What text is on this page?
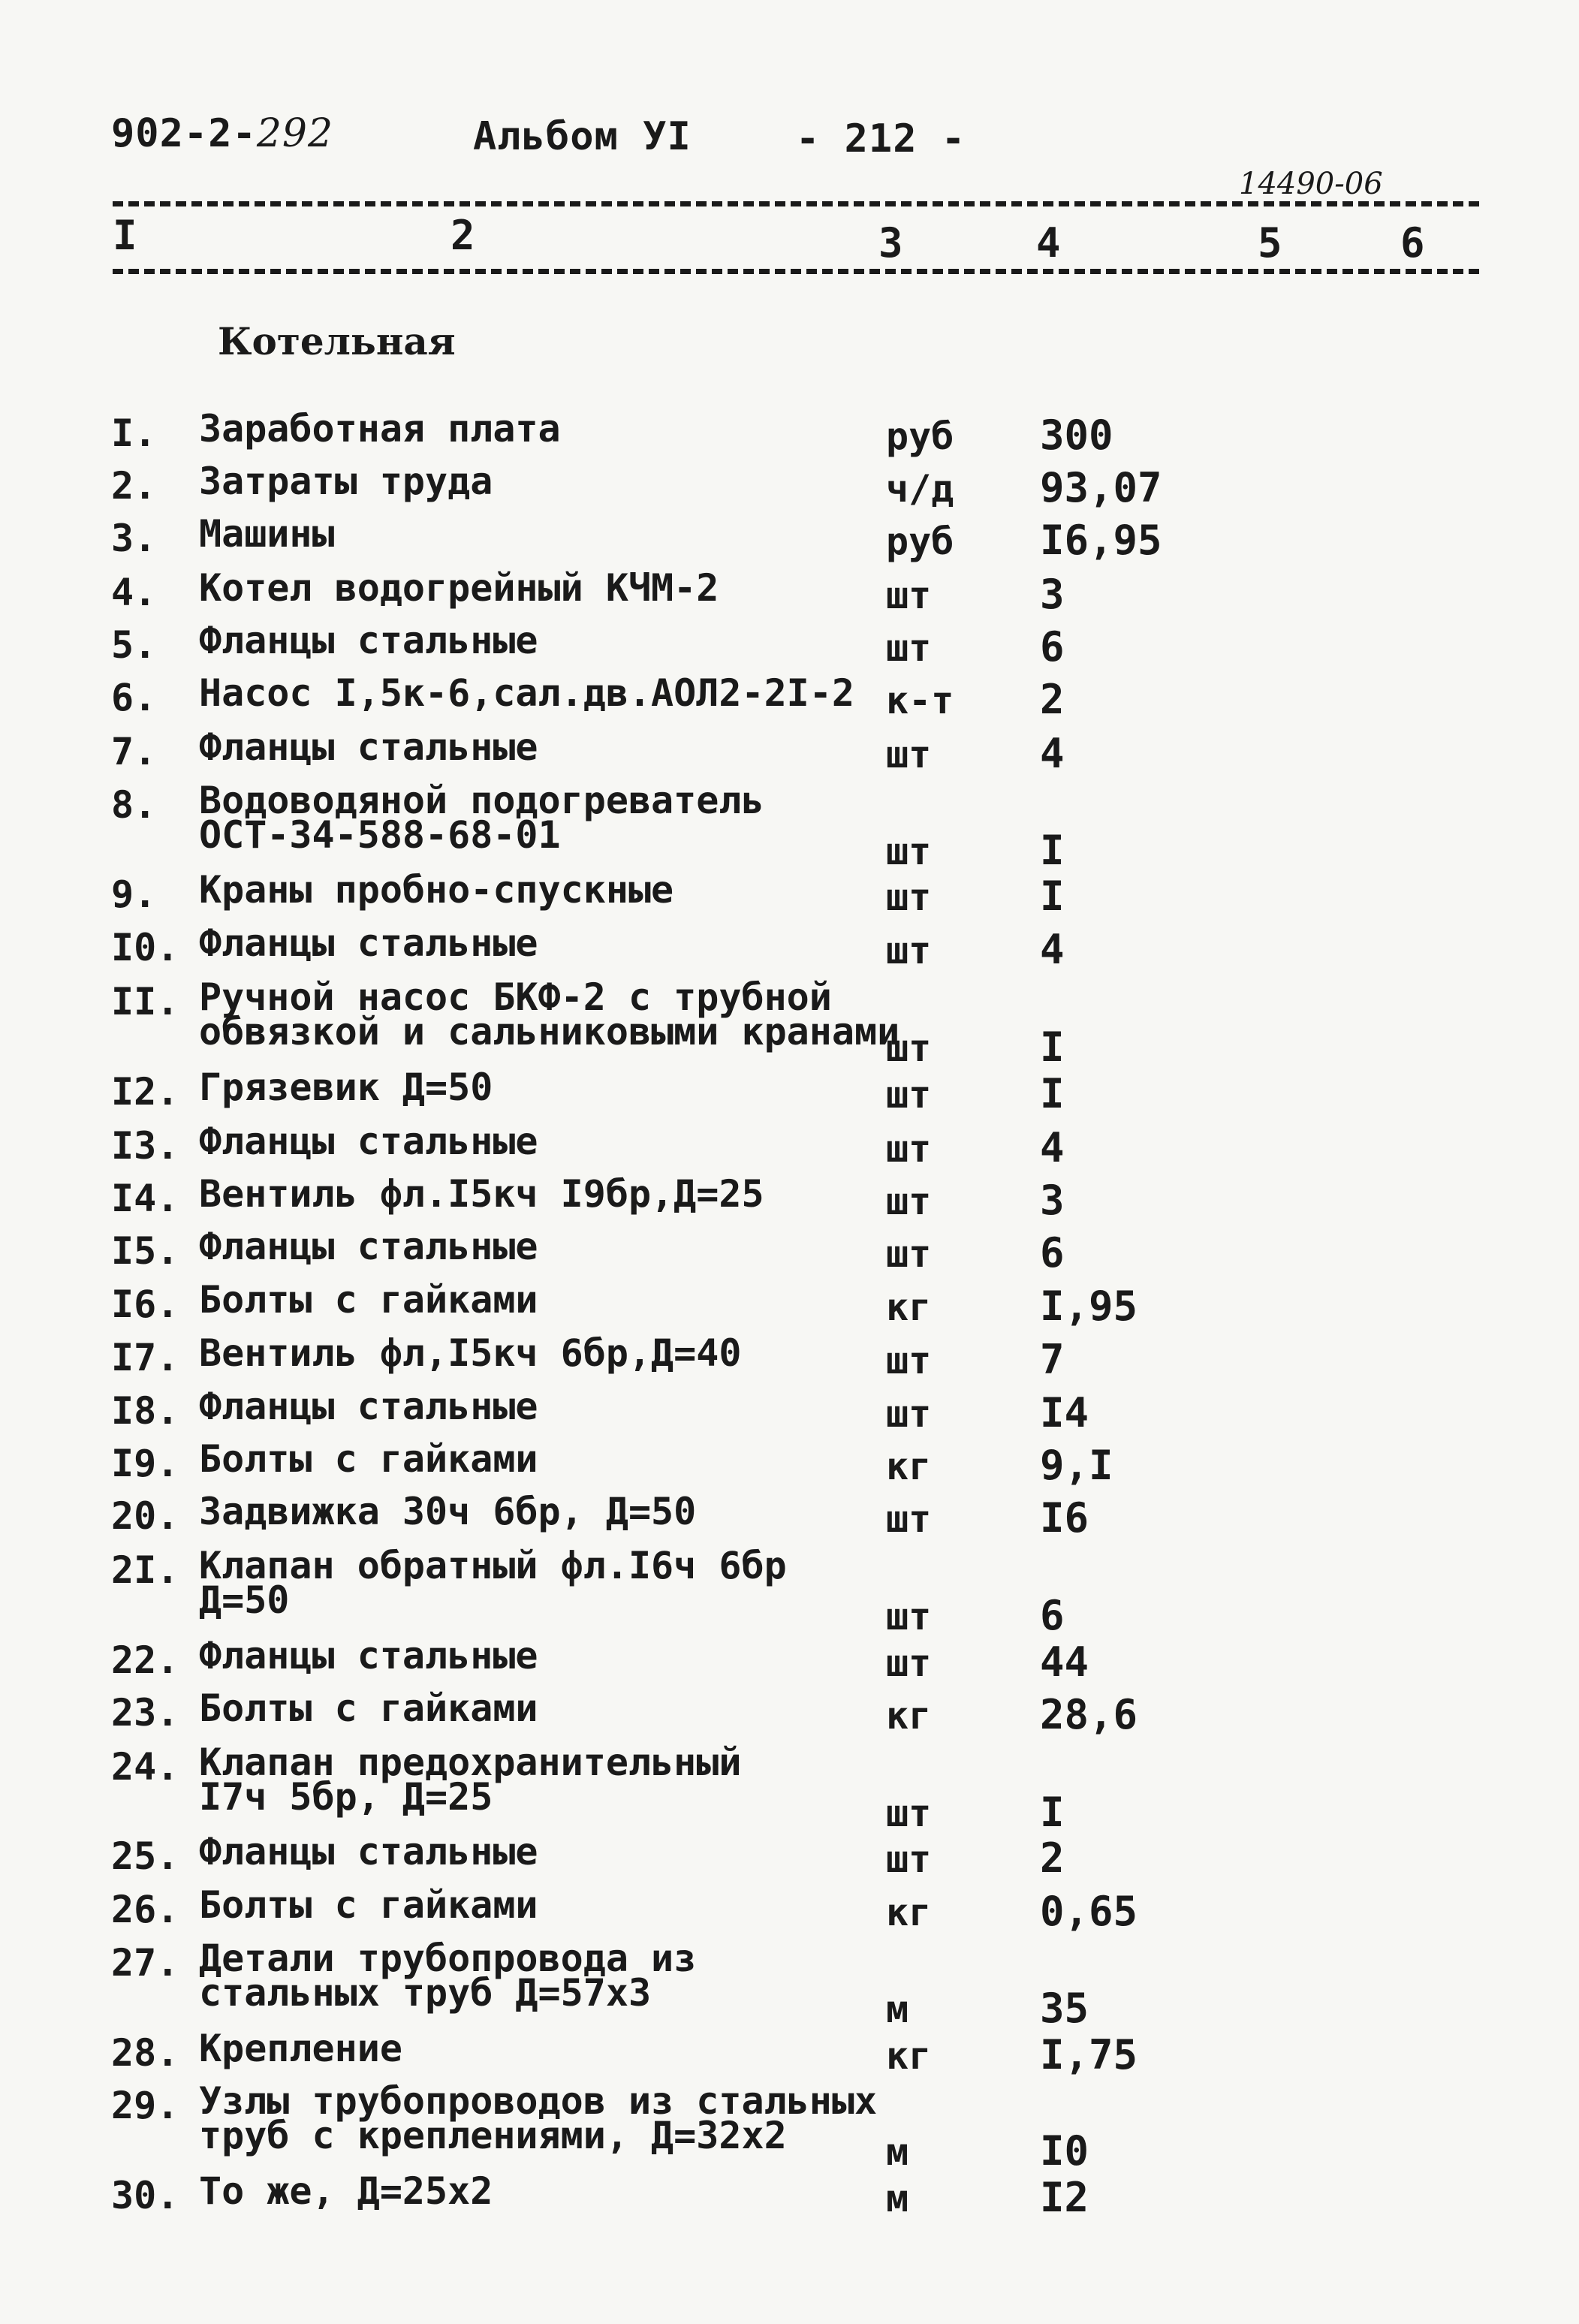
902-2-292	Альбом УI	- 212 -
14490-06
I	2	3	4	5	6
Котельная
I. Заработная плата	руб 300
2. Затраты труда	ч/д 93,07
3. Машины	руб I6,95
4. Котел водогрейный КЧМ-2	шт	3
5. Фланцы стальные	шт	6
6. Насос I,5к-6,сал.дв.АОЛ2-2I-2 к-т 2
7. Фланцы стальные	шт	4
8. Водоводяной подогреватель
ОСТ-34-588-68-01	шт	I
9. Краны пробно-спускные	шт	I
I0. Фланцы стальные	шт	4
II. Ручной насос БКФ-2 с трубной
обвязкой и сальниковыми кранами
шт	I
I2. Грязевик Д=50	шт	I
I3. Фланцы стальные	шт	4
I4. Вентиль фл.I5кч I9бр,Д=25	шт	3
I5. Фланцы стальные	шт	6
I6. Болты с гайками	кг	I,95
I7. Вентиль фл,I5кч 6бр,Д=40	шт	7
I8. Фланцы стальные	шт	I4
I9. Болты с гайками	кг	9,I
20. Задвижка 30ч 6бр, Д=50	шт	I6
2I. Клапан обратный фл.I6ч 6бр
Д=50	шт	6
22. Фланцы стальные	шт	44
23. Болты с гайками	кг	28,6
24. Клапан предохранительный
I7ч 5бр, Д=25	шт	I
25. Фланцы стальные	шт	2
26. Болты с гайками	кг	0,65
27. Детали трубопровода из
стальных труб Д=57х3	м	35
28. Крепление	кг	I,75
29. Узлы трубопроводов из стальных
труб с креплениями, Д=32х2	м	I0
30. То же, Д=25х2	м	I2
